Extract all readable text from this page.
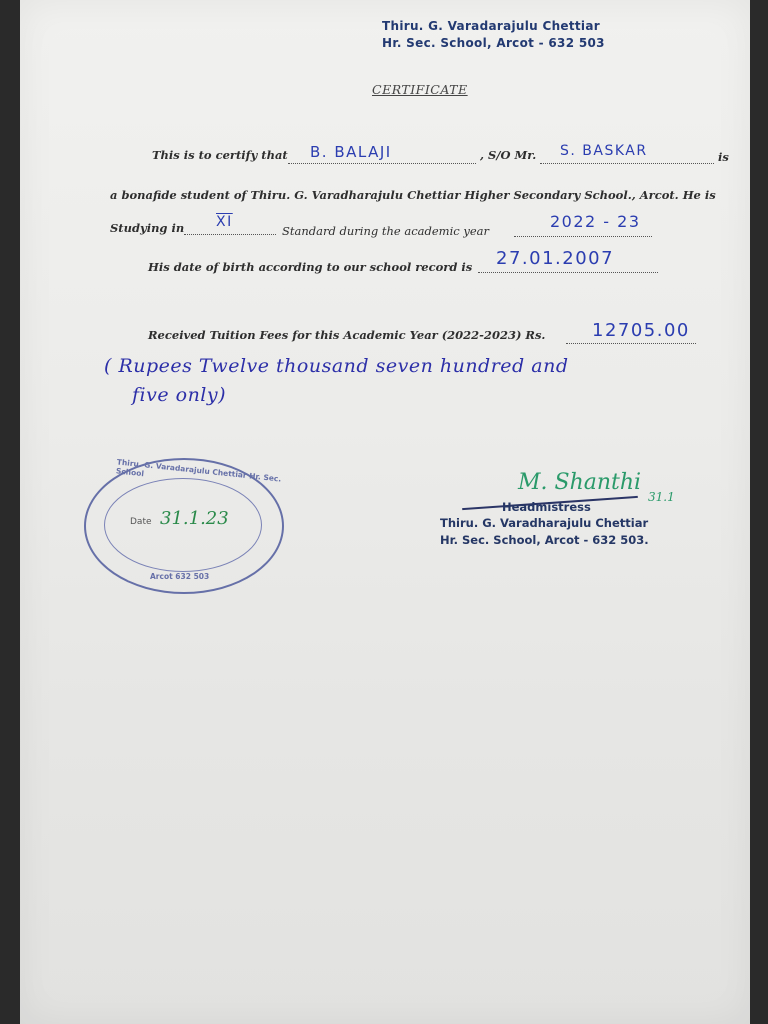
Thiru. G. Varadarajulu Chettiar
Hr. Sec. School, Arcot - 632 503
CERTIFICATE
This is to certify that B. BALAJI	, S/O Mr. S. BASKAR	is
a bonafide student of Thiru. G. Varadharajulu Chettiar Higher Secondary School., Arcot. He is
Studying in $\overline{XI}$
Standard during the academic year	2022 - 23
His date of birth according to our school record is 27.01.2007
Received Tuition Fees for this Academic Year (2022-2023) Rs.	12705.00
( Rupees Twelve thousand seven hundred and
five only)
Thiru. G. Varadarajulu Chettiar Hr. Sec. School
Arcot 632 503
Date 31.1.23
M. Shanthi
31.1
Headmistress
Thiru. G. Varadharajulu Chettiar
Hr. Sec. School, Arcot - 632 503.
